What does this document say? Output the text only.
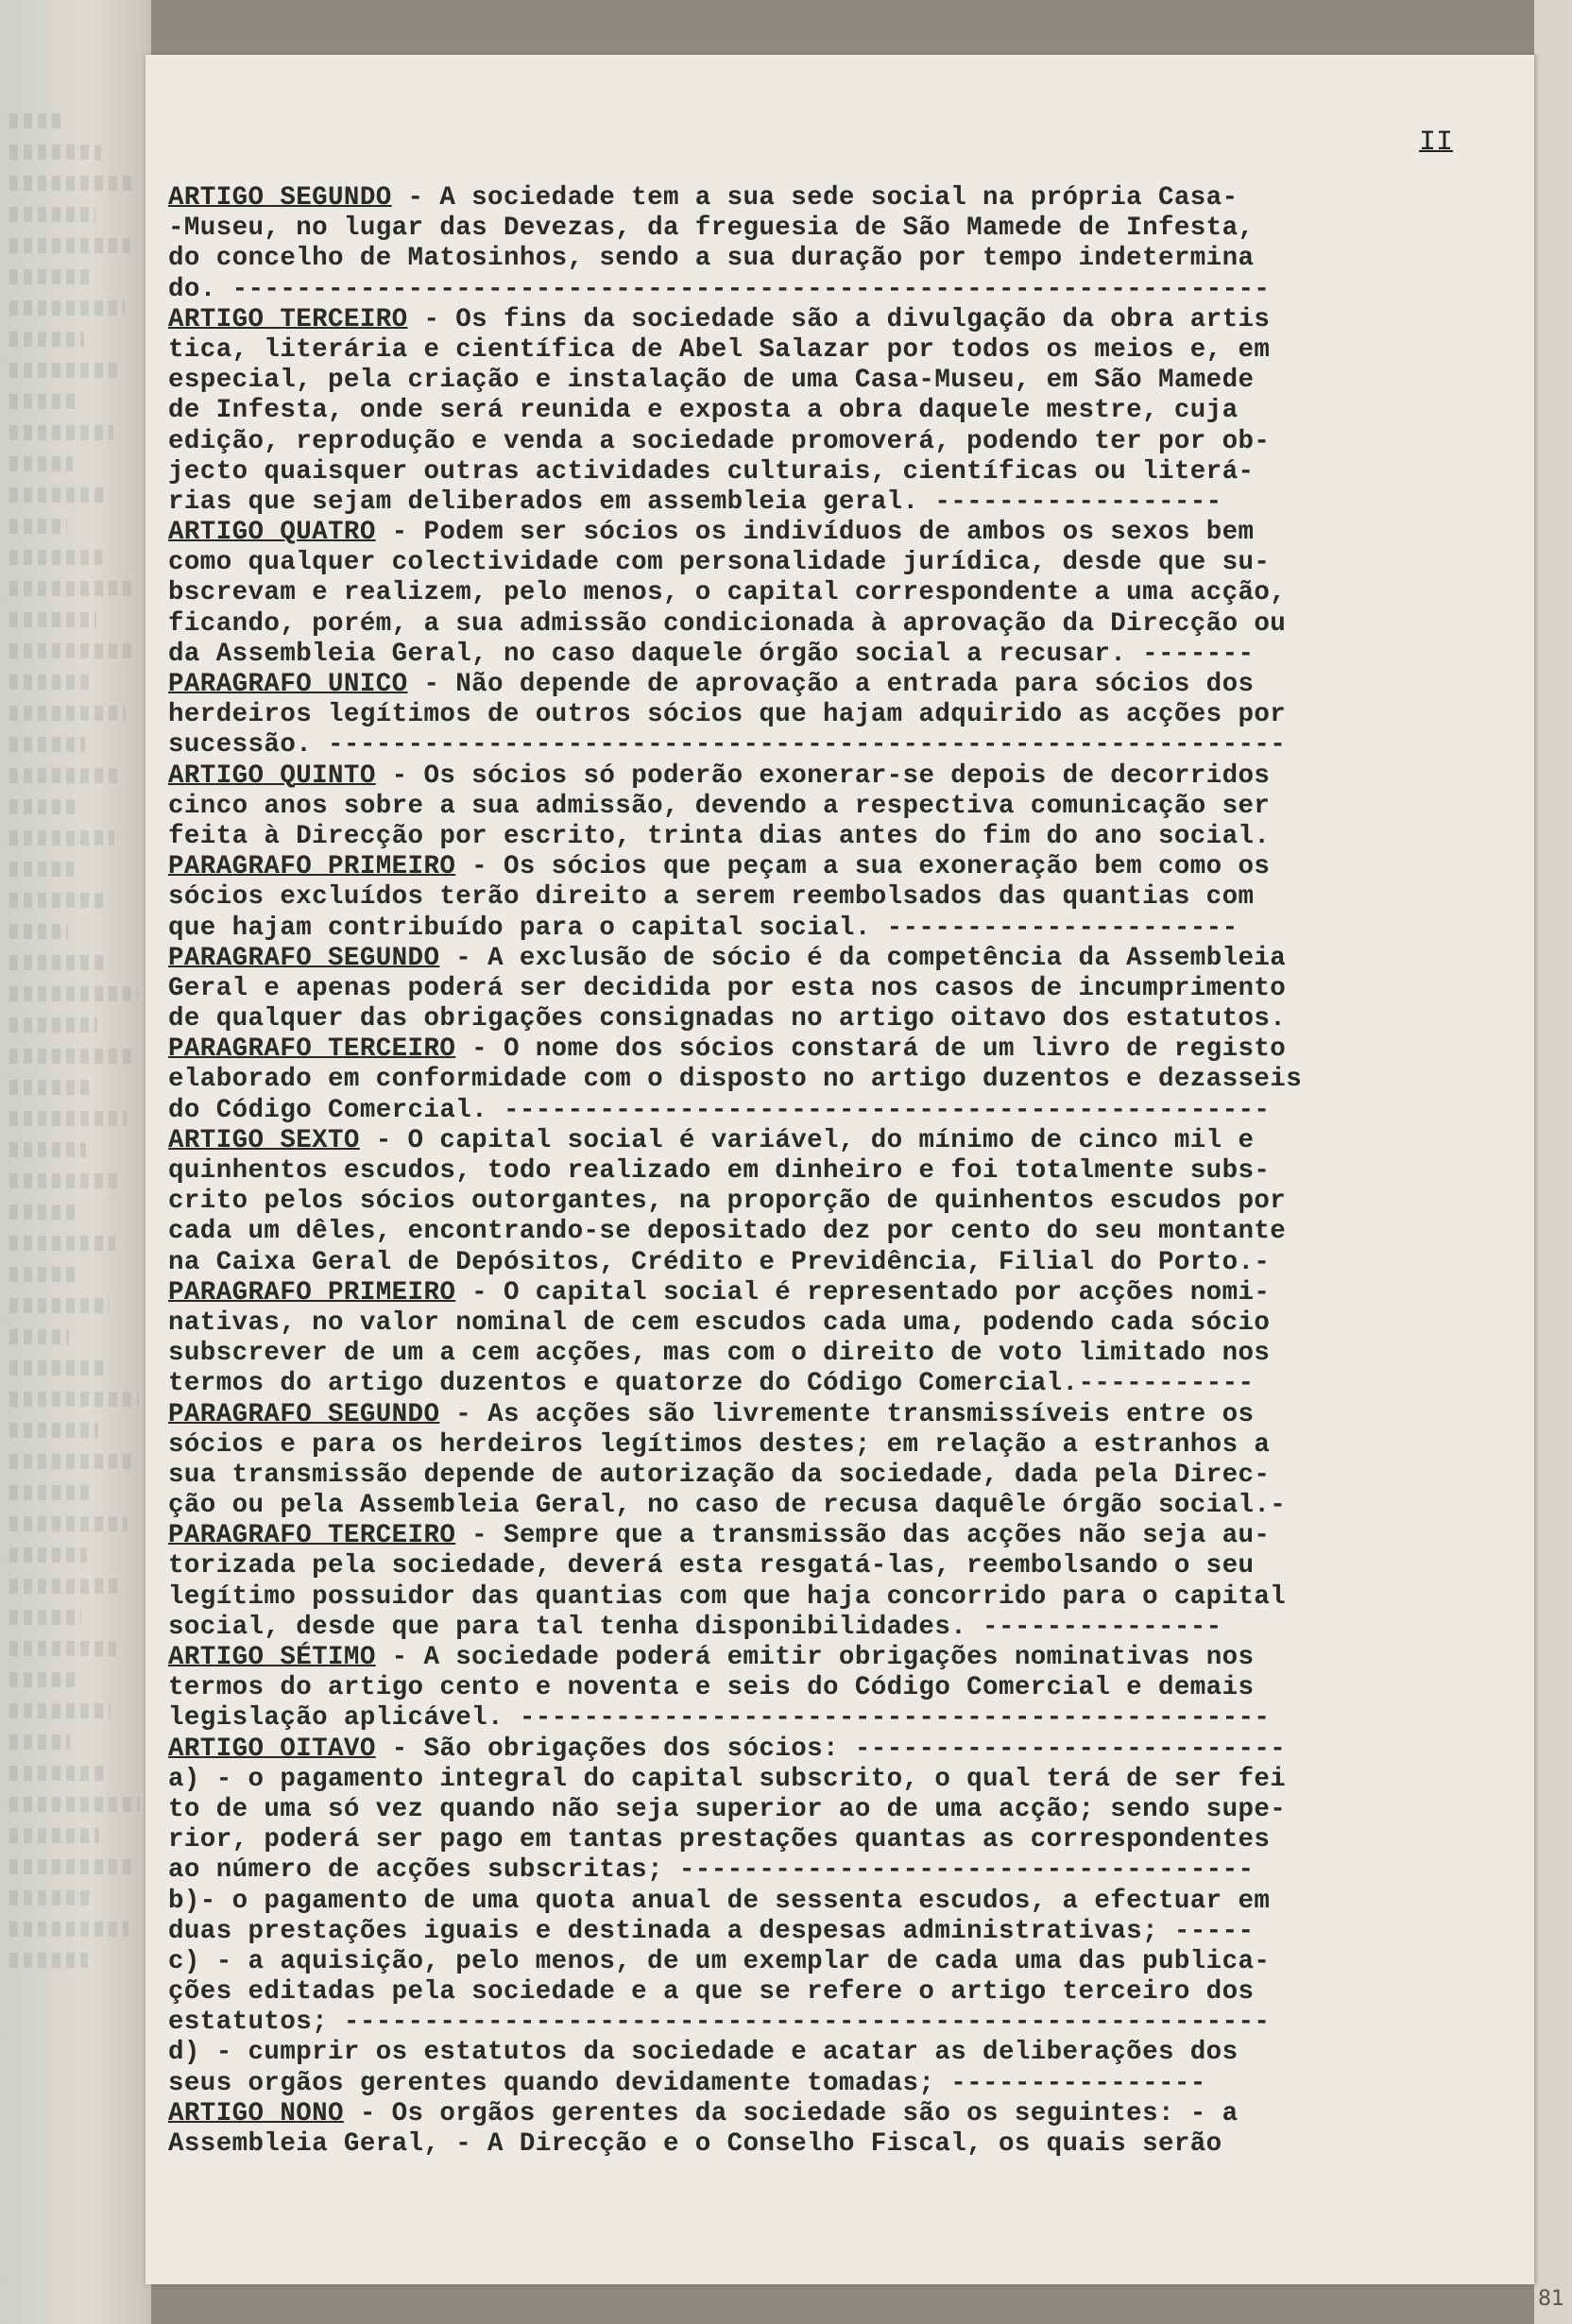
II
ARTIGO SEGUNDO - A sociedade tem a sua sede social na própria Casa-
-Museu, no lugar das Devezas, da freguesia de São Mamede de Infesta,
do concelho de Matosinhos, sendo a sua duração por tempo indetermina
do. -----------------------------------------------------------------
ARTIGO TERCEIRO - Os fins da sociedade são a divulgação da obra artis
tica, literária e científica de Abel Salazar por todos os meios e, em
especial, pela criação e instalação de uma Casa-Museu, em São Mamede
de Infesta, onde será reunida e exposta a obra daquele mestre, cuja
edição, reprodução e venda a sociedade promoverá, podendo ter por ob-
jecto quaisquer outras actividades culturais, científicas ou literá-
rias que sejam deliberados em assembleia geral. ------------------
ARTIGO QUATRO - Podem ser sócios os indivíduos de ambos os sexos bem
como qualquer colectividade com personalidade jurídica, desde que su-
bscrevam e realizem, pelo menos, o capital correspondente a uma acção,
ficando, porém, a sua admissão condicionada à aprovação da Direcção ou
da Assembleia Geral, no caso daquele órgão social a recusar. -------
PARAGRAFO UNICO - Não depende de aprovação a entrada para sócios dos
herdeiros legítimos de outros sócios que hajam adquirido as acções por
sucessão. ------------------------------------------------------------
ARTIGO QUINTO - Os sócios só poderão exonerar-se depois de decorridos
cinco anos sobre a sua admissão, devendo a respectiva comunicação ser
feita à Direcção por escrito, trinta dias antes do fim do ano social.
PARAGRAFO PRIMEIRO - Os sócios que peçam a sua exoneração bem como os
sócios excluídos terão direito a serem reembolsados das quantias com
que hajam contribuído para o capital social. ----------------------
PARAGRAFO SEGUNDO - A exclusão de sócio é da competência da Assembleia
Geral e apenas poderá ser decidida por esta nos casos de incumprimento
de qualquer das obrigações consignadas no artigo oitavo dos estatutos.
PARAGRAFO TERCEIRO - O nome dos sócios constará de um livro de registo
elaborado em conformidade com o disposto no artigo duzentos e dezasseis
do Código Comercial. ------------------------------------------------
ARTIGO SEXTO - O capital social é variável, do mínimo de cinco mil e
quinhentos escudos, todo realizado em dinheiro e foi totalmente subs-
crito pelos sócios outorgantes, na proporção de quinhentos escudos por
cada um dêles, encontrando-se depositado dez por cento do seu montante
na Caixa Geral de Depósitos, Crédito e Previdência, Filial do Porto.-
PARAGRAFO PRIMEIRO - O capital social é representado por acções nomi-
nativas, no valor nominal de cem escudos cada uma, podendo cada sócio
subscrever de um a cem acções, mas com o direito de voto limitado nos
termos do artigo duzentos e quatorze do Código Comercial.-----------
PARAGRAFO SEGUNDO - As acções são livremente transmissíveis entre os
sócios e para os herdeiros legítimos destes; em relação a estranhos a
sua transmissão depende de autorização da sociedade, dada pela Direc-
ção ou pela Assembleia Geral, no caso de recusa daquêle órgão social.-
PARAGRAFO TERCEIRO - Sempre que a transmissão das acções não seja au-
torizada pela sociedade, deverá esta resgatá-las, reembolsando o seu
legítimo possuidor das quantias com que haja concorrido para o capital
social, desde que para tal tenha disponibilidades. ---------------
ARTIGO SÉTIMO - A sociedade poderá emitir obrigações nominativas nos
termos do artigo cento e noventa e seis do Código Comercial e demais
legislação aplicável. -----------------------------------------------
ARTIGO OITAVO - São obrigações dos sócios: ---------------------------
a) - o pagamento integral do capital subscrito, o qual terá de ser fei
to de uma só vez quando não seja superior ao de uma acção; sendo supe-
rior, poderá ser pago em tantas prestações quantas as correspondentes
ao número de acções subscritas; ------------------------------------
b)- o pagamento de uma quota anual de sessenta escudos, a efectuar em
duas prestações iguais e destinada a despesas administrativas; -----
c) - a aquisição, pelo menos, de um exemplar de cada uma das publica-
ções editadas pela sociedade e a que se refere o artigo terceiro dos
estatutos; ----------------------------------------------------------
d) - cumprir os estatutos da sociedade e acatar as deliberações dos
seus orgãos gerentes quando devidamente tomadas; ----------------
ARTIGO NONO - Os orgãos gerentes da sociedade são os seguintes: - a
Assembleia Geral, - A Direcção e o Conselho Fiscal, os quais serão
81
